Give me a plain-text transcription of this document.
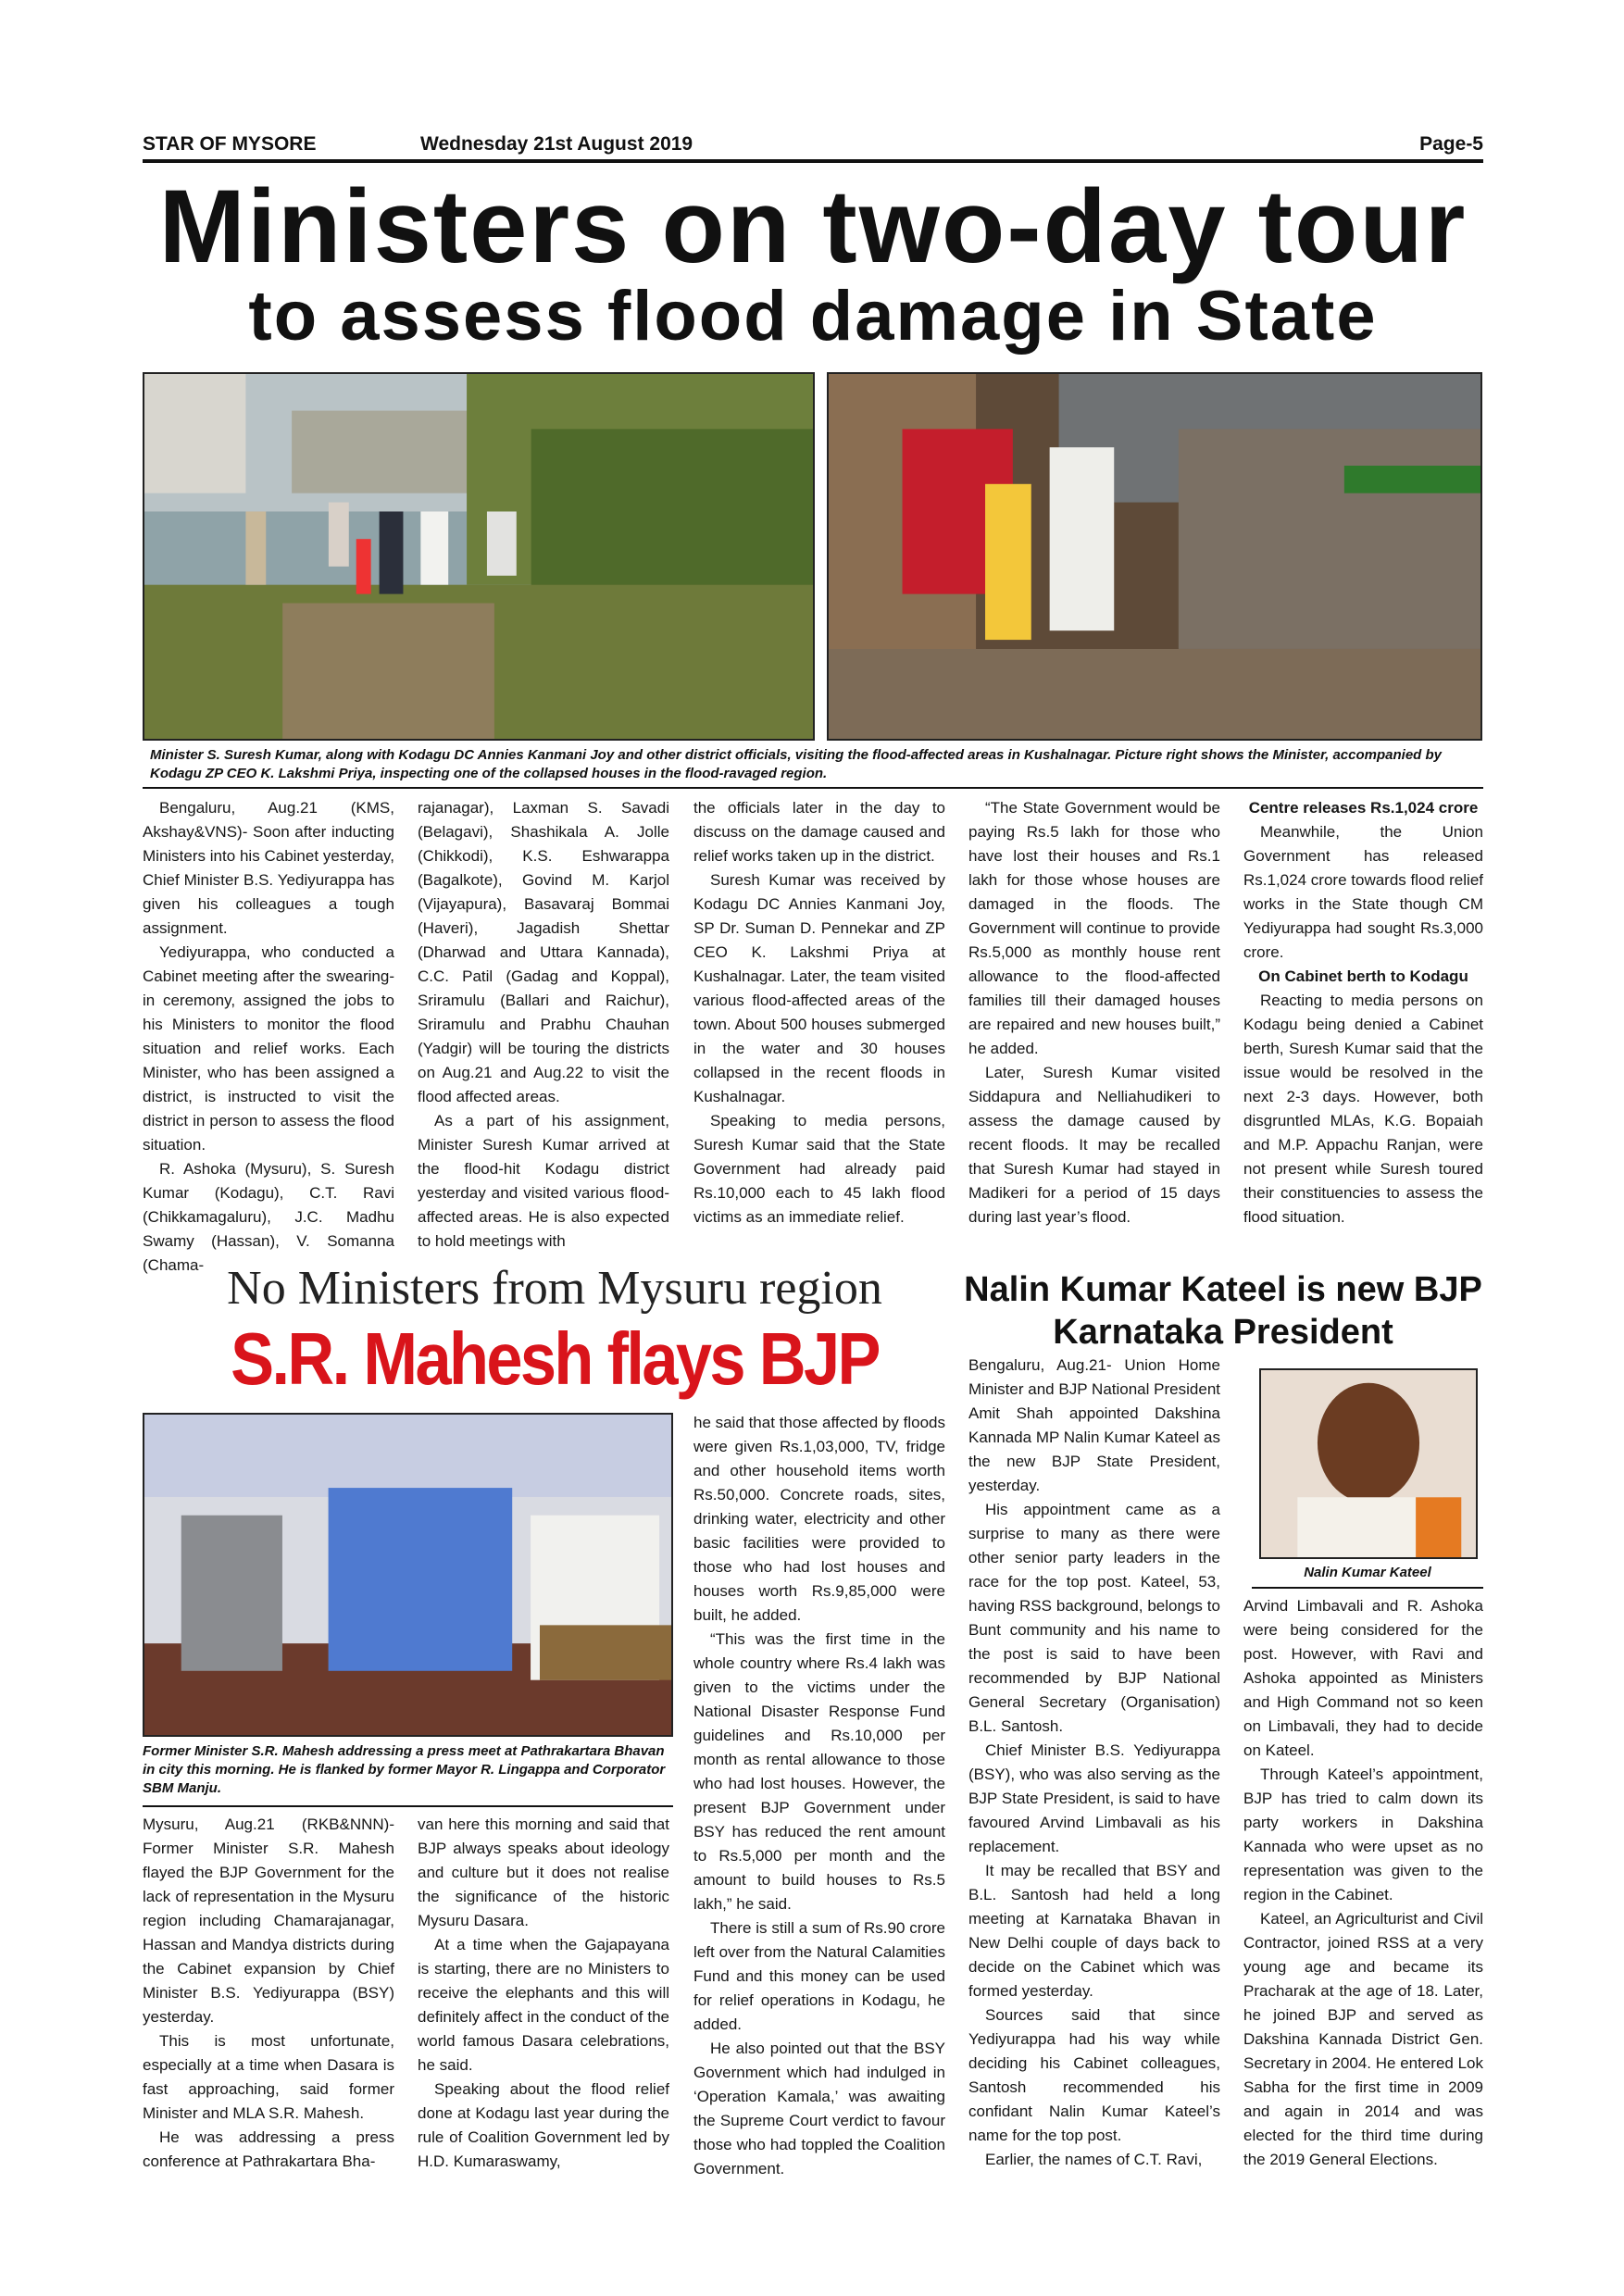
STAR OF MYSORE	Wednesday 21st August 2019	Page-5
Ministers on two-day tour
to assess flood damage in State
Minister S. Suresh Kumar, along with Kodagu DC Annies Kanmani Joy and other district officials, visiting the flood-affected areas in Kushalnagar. Picture right shows the Minister, accompanied by Kodagu ZP CEO K. Lakshmi Priya, inspecting one of the collapsed houses in the flood-ravaged region.

Bengaluru, Aug.21 (KMS, Akshay&VNS)- Soon after inducting Ministers into his Cabinet yesterday, Chief Minister B.S. Yediyurappa has given his colleagues a tough assignment.

Yediyurappa, who conducted a Cabinet meeting after the swearing-in ceremony, assigned the jobs to his Ministers to monitor the flood situation and relief works. Each Minister, who has been assigned a district, is instructed to visit the district in person to assess the flood situation.

R. Ashoka (Mysuru), S. Suresh Kumar (Kodagu), C.T. Ravi (Chikkamagaluru), J.C. Madhu Swamy (Hassan), V. Somanna (Chama-

rajanagar), Laxman S. Savadi (Belagavi), Shashikala A. Jolle (Chikkodi), K.S. Eshwarappa (Bagalkote), Govind M. Karjol (Vijayapura), Basavaraj Bommai (Haveri), Jagadish Shettar (Dharwad and Uttara Kannada), C.C. Patil (Gadag and Koppal), Sriramulu (Ballari and Raichur), Sriramulu and Prabhu Chauhan (Yadgir) will be touring the districts on Aug.21 and Aug.22 to visit the flood affected areas.

As a part of his assignment, Minister Suresh Kumar arrived at the flood-hit Kodagu district yesterday and visited various flood-affected areas. He is also expected to hold meetings with

the officials later in the day to discuss on the damage caused and relief works taken up in the district.

Suresh Kumar was received by Kodagu DC Annies Kanmani Joy, SP Dr. Suman D. Pennekar and ZP CEO K. Lakshmi Priya at Kushalnagar. Later, the team visited various flood-affected areas of the town. About 500 houses submerged in the water and 30 houses collapsed in the recent floods in Kushalnagar.

Speaking to media persons, Suresh Kumar said that the State Government had already paid Rs.10,000 each to 45 lakh flood victims as an immediate relief.

“The State Government would be paying Rs.5 lakh for those who have lost their houses and Rs.1 lakh for those whose houses are damaged in the floods. The Government will continue to provide Rs.5,000 as monthly house rent allowance to the flood-affected families till their damaged houses are repaired and new houses built,” he added.

Later, Suresh Kumar visited Siddapura and Nelliahudikeri to assess the damage caused by recent floods. It may be recalled that Suresh Kumar had stayed in Madikeri for a period of 15 days during last year’s flood.

Centre releases Rs.1,024 crore

Meanwhile, the Union Government has released Rs.1,024 crore towards flood relief works in the State though CM Yediyurappa had sought Rs.3,000 crore.

On Cabinet berth to Kodagu

Reacting to media persons on Kodagu being denied a Cabinet berth, Suresh Kumar said that the issue would be resolved in the next 2-3 days. However, both disgruntled MLAs, K.G. Bopaiah and M.P. Appachu Ranjan, were not present while Suresh toured their constituencies to assess the flood situation.

No Ministers from Mysuru region
S.R. Mahesh flays BJP
Former Minister S.R. Mahesh addressing a press meet at Pathrakartara Bhavan in city this morning. He is flanked by former Mayor R. Lingappa and Corporator SBM Manju.

Mysuru, Aug.21 (RKB&NNN)- Former Minister S.R. Mahesh flayed the BJP Government for the lack of representation in the Mysuru region including Chamarajanagar, Hassan and Mandya districts during the Cabinet expansion by Chief Minister B.S. Yediyurappa (BSY) yesterday.

This is most unfortunate, especially at a time when Dasara is fast approaching, said former Minister and MLA S.R. Mahesh.

He was addressing a press conference at Pathrakartara Bha-

van here this morning and said that BJP always speaks about ideology and culture but it does not realise the significance of the historic Mysuru Dasara.

At a time when the Gajapayana is starting, there are no Ministers to receive the elephants and this will definitely affect in the conduct of the world famous Dasara celebrations, he said.

Speaking about the flood relief done at Kodagu last year during the rule of Coalition Government led by H.D. Kumaraswamy,

he said that those affected by floods were given Rs.1,03,000, TV, fridge and other household items worth Rs.50,000. Concrete roads, sites, drinking water, electricity and other basic facilities were provided to those who had lost houses and houses worth Rs.9,85,000 were built, he added.

“This was the first time in the whole country where Rs.4 lakh was given to the victims under the National Disaster Response Fund guidelines and Rs.10,000 per month as rental allowance to those who had lost houses. However, the present BJP Government under BSY has reduced the rent amount to Rs.5,000 per month and the amount to build houses to Rs.5 lakh,” he said.

There is still a sum of Rs.90 crore left over from the Natural Calamities Fund and this money can be used for relief operations in Kodagu, he added.

He also pointed out that the BSY Government which had indulged in ‘Operation Kamala,’ was awaiting the Supreme Court verdict to favour those who had toppled the Coalition Government.

Nalin Kumar Kateel is new BJP Karnataka President
Nalin Kumar Kateel

Bengaluru, Aug.21- Union Home Minister and BJP National President Amit Shah appointed Dakshina Kannada MP Nalin Kumar Kateel as the new BJP State President, yesterday.

His appointment came as a surprise to many as there were other senior party leaders in the race for the top post. Kateel, 53, having RSS background, belongs to Bunt community and his name to the post is said to have been recommended by BJP National General Secretary (Organisation) B.L. Santosh.

Chief Minister B.S. Yediyurappa (BSY), who was also serving as the BJP State President, is said to have favoured Arvind Limbavali as his replacement.

It may be recalled that BSY and B.L. Santosh had held a long meeting at Karnataka Bhavan in New Delhi couple of days back to decide on the Cabinet which was formed yesterday.

Sources said that since Yediyurappa had his way while deciding his Cabinet colleagues, Santosh recommended his confidant Nalin Kumar Kateel’s name for the top post.

Earlier, the names of C.T. Ravi,

Arvind Limbavali and R. Ashoka were being considered for the post. However, with Ravi and Ashoka appointed as Ministers and High Command not so keen on Limbavali, they had to decide on Kateel.

Through Kateel’s appointment, BJP has tried to calm down its party workers in Dakshina Kannada who were upset as no representation was given to the region in the Cabinet.

Kateel, an Agriculturist and Civil Contractor, joined RSS at a very young age and became its Pracharak at the age of 18. Later, he joined BJP and served as Dakshina Kannada District Gen. Secretary in 2004. He entered Lok Sabha for the first time in 2009 and again in 2014 and was elected for the third time during the 2019 General Elections.
